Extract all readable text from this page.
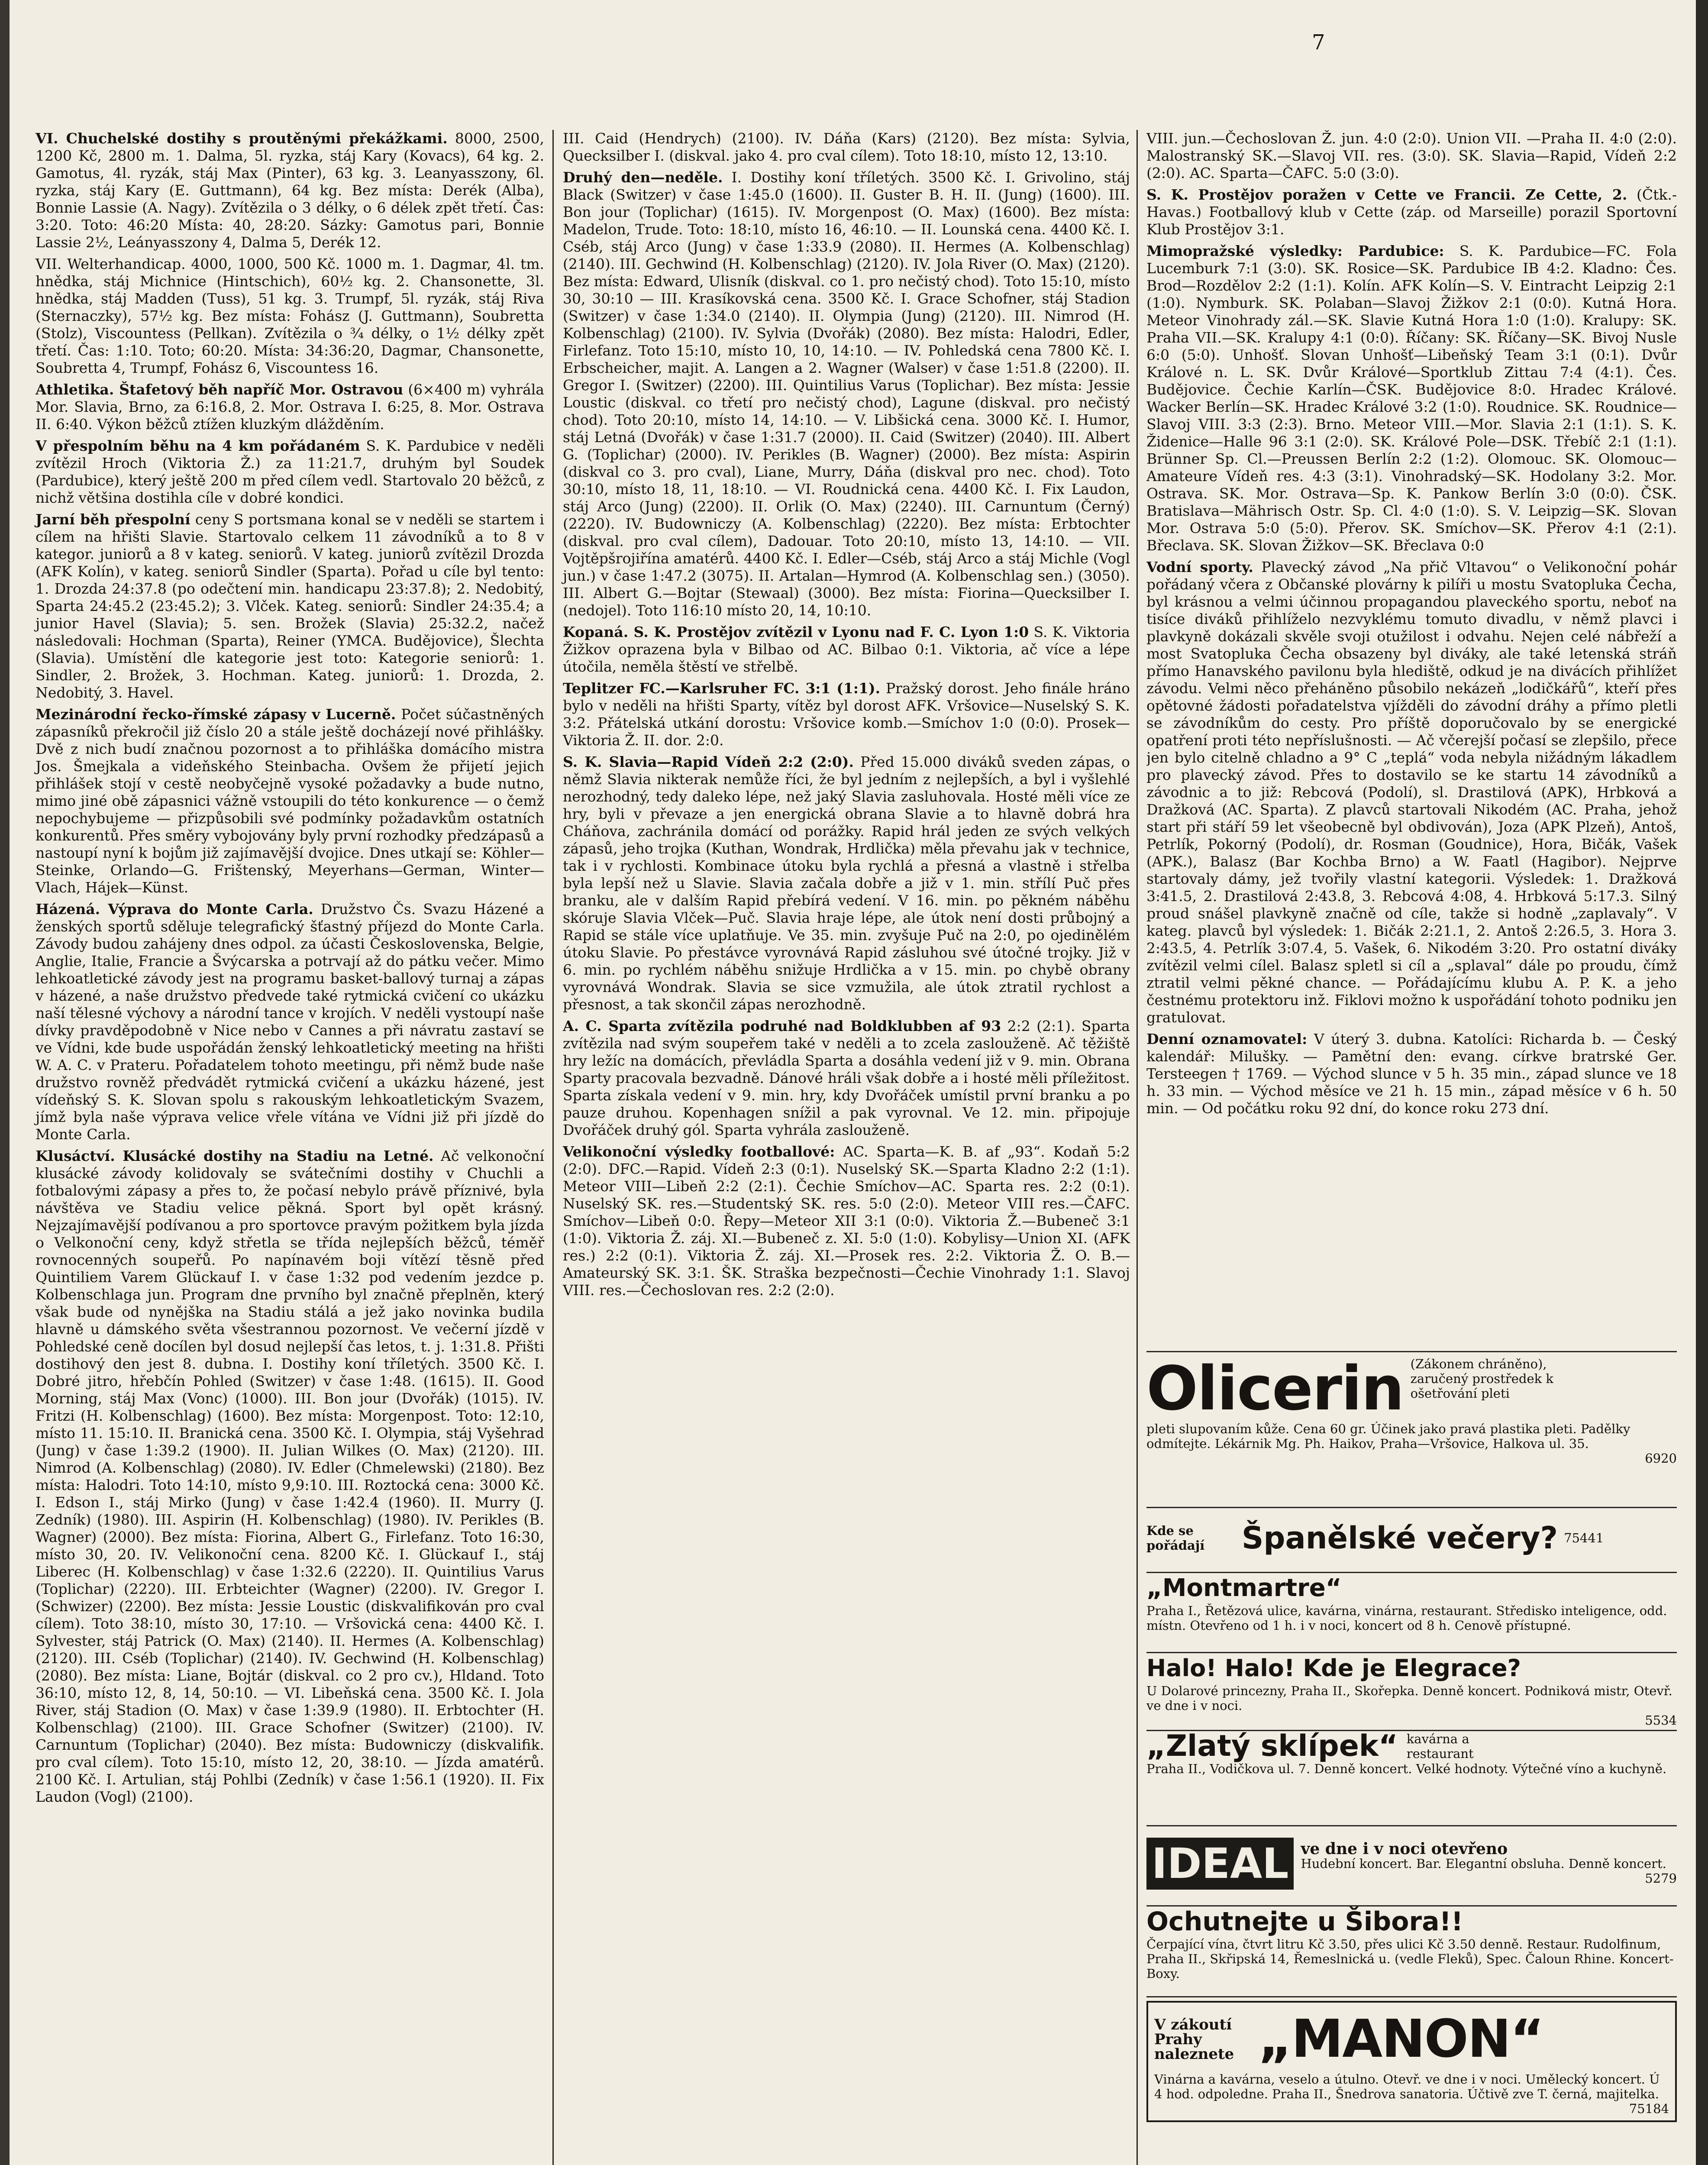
7

VI. Chuchelské dostihy s proutěnými překážkami. 8000, 2500, 1200 Kč, 2800 m. 1. Dalma, 5l. ryzka, stáj Kary (Kovacs), 64 kg. 2. Gamotus, 4l. ryzák, stáj Max (Pinter), 63 kg. 3. Leanyasszony, 6l. ryzka, stáj Kary (E. Guttmann), 64 kg. Bez místa: Derék (Alba), Bonnie Lassie (A. Nagy). Zvítězila o 3 délky, o 6 délek zpět třetí. Čas: 3:20. Toto: 46:20 Místa: 40, 28:20. Sázky: Gamotus pari, Bonnie Lassie 2½, Leányasszony 4, Dalma 5, Derék 12.

VII. Welterhandicap. 4000, 1000, 500 Kč. 1000 m. 1. Dagmar, 4l. tm. hnědka, stáj Michnice (Hintschich), 60½ kg. 2. Chansonette, 3l. hnědka, stáj Madden (Tuss), 51 kg. 3. Trumpf, 5l. ryzák, stáj Riva (Sternaczky), 57½ kg. Bez místa: Fohász (J. Guttmann), Soubretta (Stolz), Viscountess (Pellkan). Zvítězila o ¾ délky, o 1½ délky zpět třetí. Čas: 1:10. Toto; 60:20. Místa: 34:36:20, Dagmar, Chansonette, Soubretta 4, Trumpf, Fohász 6, Viscountess 16.

Athletika. Štafetový běh napříč Mor. Ostravou (6×400 m) vyhrála Mor. Slavia, Brno, za 6:16.8, 2. Mor. Ostrava I. 6:25, 8. Mor. Ostrava II. 6:40. Výkon běžců ztížen kluzkým dlážděním.

V přespolním běhu na 4 km pořádaném S. K. Pardubice v neděli zvítězil Hroch (Viktoria Ž.) za 11:21.7, druhým byl Soudek (Pardubice), který ještě 200 m před cílem vedl. Startovalo 20 běžců, z nichž většina dostihla cíle v dobré kondici.

Jarní běh přespolní ceny S portsmana konal se v neděli se startem i cílem na hřišti Slavie. Startovalo celkem 11 závodníků a to 8 v kategor. juniorů a 8 v kateg. seniorů. V kateg. juniorů zvítězil Drozda (AFK Kolín), v kateg. seniorů Sindler (Sparta). Pořad u cíle byl tento: 1. Drozda 24:37.8 (po odečtení min. handicapu 23:37.8); 2. Nedobitý, Sparta 24:45.2 (23:45.2); 3. Vlček. Kateg. seniorů: Sindler 24:35.4; a junior Havel (Slavia); 5. sen. Brožek (Slavia) 25:32.2, načež následovali: Hochman (Sparta), Reiner (YMCA. Budějovice), Šlechta (Slavia). Umístění dle kategorie jest toto: Kategorie seniorů: 1. Sindler, 2. Brožek, 3. Hochman. Kateg. juniorů: 1. Drozda, 2. Nedobitý, 3. Havel.

Mezinárodní řecko-římské zápasy v Lucerně. Počet súčastněných zápasníků překročil již číslo 20 a stále ještě docházejí nové přihlášky. Dvě z nich budí značnou pozornost a to přihláška domácího mistra Jos. Šmejkala a videňského Steinbacha. Ovšem že přijetí jejich přihlášek stojí v cestě neobyčejně vysoké požadavky a bude nutno, mimo jiné obě zápasnici vážně vstoupili do této konkurence — o čemž nepochybujeme — přizpůsobili své podmínky požadavkům ostatních konkurentů. Přes směry vybojovány byly první rozhodky předzápasů a nastoupí nyní k bojům již zajímavější dvojice. Dnes utkají se: Köhler—Steinke, Orlando—G. Frištenský, Meyerhans—German, Winter—Vlach, Hájek—Künst.

Házená. Výprava do Monte Carla. Družstvo Čs. Svazu Házené a ženských sportů sděluje telegrafický šťastný příjezd do Monte Carla. Závody budou zahájeny dnes odpol. za účasti Československa, Belgie, Anglie, Italie, Francie a Švýcarska a potrvají až do pátku večer. Mimo lehkoatletické závody jest na programu basket-ballový turnaj a zápas v házené, a naše družstvo předvede také rytmická cvičení co ukázku naší tělesné výchovy a národní tance v krojích. V neděli vystoupí naše dívky pravděpodobně v Nice nebo v Cannes a při návratu zastaví se ve Vídni, kde bude uspořádán ženský lehkoatletický meeting na hřišti W. A. C. v Prateru. Pořadatelem tohoto meetingu, při němž bude naše družstvo rovněž předvádět rytmická cvičení a ukázku házené, jest vídeňský S. K. Slovan spolu s rakouským lehkoatletickým Svazem, jímž byla naše výprava velice vřele vítána ve Vídni již při jízdě do Monte Carla.

Klusáctví. Klusácké dostihy na Stadiu na Letné. Ač velkonoční klusácké závody kolidovaly se svátečními dostihy v Chuchli a fotbalovými zápasy a přes to, že počasí nebylo právě příznivé, byla návštěva ve Stadiu velice pěkná. Sport byl opět krásný. Nejzajímavější podívanou a pro sportovce pravým požitkem byla jízda o Velkonoční ceny, když střetla se třída nejlepších běžců, téměř rovnocenných soupeřů. Po napínavém boji vítězí těsně před Quintiliem Varem Glückauf I. v čase 1:32 pod vedením jezdce p. Kolbenschlaga jun. Program dne prvního byl značně přeplněn, který však bude od nynějška na Stadiu stálá a jež jako novinka budila hlavně u dámského světa všestrannou pozornost. Ve večerní jízdě v Pohledské ceně docílen byl dosud nejlepší čas letos, t. j. 1:31.8. Přišti dostihový den jest 8. dubna. I. Dostihy koní tříletých. 3500 Kč. I. Dobré jitro, hřebčín Pohled (Switzer) v čase 1:48. (1615). II. Good Morning, stáj Max (Vonc) (1000). III. Bon jour (Dvořák) (1015). IV. Fritzi (H. Kolbenschlag) (1600). Bez místa: Morgenpost. Toto: 12:10, místo 11. 15:10. II. Branická cena. 3500 Kč. I. Olympia, stáj Vyšehrad (Jung) v čase 1:39.2 (1900). II. Julian Wilkes (O. Max) (2120). III. Nimrod (A. Kolbenschlag) (2080). IV. Edler (Chmelewski) (2180). Bez místa: Halodri. Toto 14:10, místo 9,9:10. III. Roztocká cena: 3000 Kč. I. Edson I., stáj Mirko (Jung) v čase 1:42.4 (1960). II. Murry (J. Zedník) (1980). III. Aspirin (H. Kolbenschlag) (1980). IV. Perikles (B. Wagner) (2000). Bez místa: Fiorina, Albert G., Firlefanz. Toto 16:30, místo 30, 20. IV. Velikonoční cena. 8200 Kč. I. Glückauf I., stáj Liberec (H. Kolbenschlag) v čase 1:32.6 (2220). II. Quintilius Varus (Toplichar) (2220). III. Erbteichter (Wagner) (2200). IV. Gregor I. (Schwizer) (2200). Bez místa: Jessie Loustic (diskvalifikován pro cval cílem). Toto 38:10, místo 30, 17:10. — Vršovická cena: 4400 Kč. I. Sylvester, stáj Patrick (O. Max) (2140). II. Hermes (A. Kolbenschlag) (2120). III. Cséb (Toplichar) (2140). IV. Gechwind (H. Kolbenschlag) (2080). Bez místa: Liane, Bojtár (diskval. co 2 pro cv.), Hldand. Toto 36:10, místo 12, 8, 14, 50:10. — VI. Libeňská cena. 3500 Kč. I. Jola River, stáj Stadion (O. Max) v čase 1:39.9 (1980). II. Erbtochter (H. Kolbenschlag) (2100). III. Grace Schofner (Switzer) (2100). IV. Carnuntum (Toplichar) (2040). Bez místa: Budowniczy (diskvalifik. pro cval cílem). Toto 15:10, místo 12, 20, 38:10. — Jízda amatérů. 2100 Kč. I. Artulian, stáj Pohlbi (Zedník) v čase 1:56.1 (1920). II. Fix Laudon (Vogl) (2100).

III. Caid (Hendrych) (2100). IV. Dáňa (Kars) (2120). Bez místa: Sylvia, Quecksilber I. (diskval. jako 4. pro cval cílem). Toto 18:10, místo 12, 13:10.

Druhý den—neděle. I. Dostihy koní tříletých. 3500 Kč. I. Grivolino, stáj Black (Switzer) v čase 1:45.0 (1600). II. Guster B. H. II. (Jung) (1600). III. Bon jour (Toplichar) (1615). IV. Morgenpost (O. Max) (1600). Bez místa: Madelon, Trude. Toto: 18:10, místo 16, 46:10. — II. Lounská cena. 4400 Kč. I. Cséb, stáj Arco (Jung) v čase 1:33.9 (2080). II. Hermes (A. Kolbenschlag) (2140). III. Gechwind (H. Kolbenschlag) (2120). IV. Jola River (O. Max) (2120). Bez místa: Edward, Ulisník (diskval. co 1. pro nečistý chod). Toto 15:10, místo 30, 30:10 — III. Krasíkovská cena. 3500 Kč. I. Grace Schofner, stáj Stadion (Switzer) v čase 1:34.0 (2140). II. Olympia (Jung) (2120). III. Nimrod (H. Kolbenschlag) (2100). IV. Sylvia (Dvořák) (2080). Bez místa: Halodri, Edler, Firlefanz. Toto 15:10, místo 10, 10, 14:10. — IV. Pohledská cena 7800 Kč. I. Erbscheicher, majit. A. Langen a 2. Wagner (Walser) v čase 1:51.8 (2200). II. Gregor I. (Switzer) (2200). III. Quintilius Varus (Toplichar). Bez místa: Jessie Loustic (diskval. co třetí pro nečistý chod), Lagune (diskval. pro nečistý chod). Toto 20:10, místo 14, 14:10. — V. Libšická cena. 3000 Kč. I. Humor, stáj Letná (Dvořák) v čase 1:31.7 (2000). II. Caid (Switzer) (2040). III. Albert G. (Toplichar) (2000). IV. Perikles (B. Wagner) (2000). Bez místa: Aspirin (diskval co 3. pro cval), Liane, Murry, Dáňa (diskval pro nec. chod). Toto 30:10, místo 18, 11, 18:10. — VI. Roudnická cena. 4400 Kč. I. Fix Laudon, stáj Arco (Jung) (2200). II. Orlik (O. Max) (2240). III. Carnuntum (Černý) (2220). IV. Budowniczy (A. Kolbenschlag) (2220). Bez místa: Erbtochter (diskval. pro cval cílem), Dadouar. Toto 20:10, místo 13, 14:10. — VII. Vojtěpšrojiřína amatérů. 4400 Kč. I. Edler—Cséb, stáj Arco a stáj Michle (Vogl jun.) v čase 1:47.2 (3075). II. Artalan—Hymrod (A. Kolbenschlag sen.) (3050). III. Albert G.—Bojtar (Stewaal) (3000). Bez místa: Fiorina—Quecksilber I. (nedojel). Toto 116:10 místo 20, 14, 10:10.

Kopaná. S. K. Prostějov zvítězil v Lyonu nad F. C. Lyon 1:0 S. K. Viktoria Žižkov oprazena byla v Bilbao od AC. Bilbao 0:1. Viktoria, ač více a lépe útočila, neměla štěstí ve střelbě.

Teplitzer FC.—Karlsruher FC. 3:1 (1:1). Pražský dorost. Jeho finále hráno bylo v neděli na hřišti Sparty, vítěz byl dorost AFK. Vršovice—Nuselský S. K. 3:2. Přátelská utkání dorostu: Vršovice komb.—Smíchov 1:0 (0:0). Prosek—Viktoria Ž. II. dor. 2:0.

S. K. Slavia—Rapid Vídeň 2:2 (2:0). Před 15.000 diváků sveden zápas, o němž Slavia nikterak nemůže říci, že byl jedním z nejlepších, a byl i vyšlehlé nerozhodný, tedy daleko lépe, než jaký Slavia zasluhovala. Hosté měli více ze hry, byli v převaze a jen energická obrana Slavie a to hlavně dobrá hra Cháňova, zachránila domácí od porážky. Rapid hrál jeden ze svých velkých zápasů, jeho trojka (Kuthan, Wondrak, Hrdlička) měla převahu jak v technice, tak i v rychlosti. Kombinace útoku byla rychlá a přesná a vlastně i střelba byla lepší než u Slavie. Slavia začala dobře a již v 1. min. střílí Puč přes branku, ale v dalším Rapid přebírá vedení. V 16. min. po pěkném náběhu skóruje Slavia Vlček—Puč. Slavia hraje lépe, ale útok není dosti průbojný a Rapid se stále více uplatňuje. Ve 35. min. zvyšuje Puč na 2:0, po ojedinělém útoku Slavie. Po přestávce vyrovnává Rapid zásluhou své útočné trojky. Již v 6. min. po rychlém náběhu snižuje Hrdlička a v 15. min. po chybě obrany vyrovnává Wondrak. Slavia se sice vzmužila, ale útok ztratil rychlost a přesnost, a tak skončil zápas nerozhodně.

A. C. Sparta zvítězila podruhé nad Boldklubben af 93 2:2 (2:1). Sparta zvítězila nad svým soupeřem také v neděli a to zcela zaslouženě. Ač těžiště hry ležíc na domácích, převládla Sparta a dosáhla vedení již v 9. min. Obrana Sparty pracovala bezvadně. Dánové hráli však dobře a i hosté měli příležitost. Sparta získala vedení v 9. min. hry, kdy Dvořáček umístil první branku a po pauze druhou. Kopenhagen snížil a pak vyrovnal. Ve 12. min. připojuje Dvořáček druhý gól. Sparta vyhrála zaslouženě.

Velikonoční výsledky footballové: AC. Sparta—K. B. af „93“. Kodaň 5:2 (2:0). DFC.—Rapid. Vídeň 2:3 (0:1). Nuselský SK.—Sparta Kladno 2:2 (1:1). Meteor VIII—Libeň 2:2 (2:1). Čechie Smíchov—AC. Sparta res. 2:2 (0:1). Nuselský SK. res.—Studentský SK. res. 5:0 (2:0). Meteor VIII res.—ČAFC. Smíchov—Libeň 0:0. Řepy—Meteor XII 3:1 (0:0). Viktoria Ž.—Bubeneč 3:1 (1:0). Viktoria Ž. záj. XI.—Bubeneč z. XI. 5:0 (1:0). Kobylisy—Union XI. (AFK res.) 2:2 (0:1). Viktoria Ž. záj. XI.—Prosek res. 2:2. Viktoria Ž. O. B.—Amateurský SK. 3:1. ŠK. Straška bezpečnosti—Čechie Vinohrady 1:1. Slavoj VIII. res.—Čechoslovan res. 2:2 (2:0).

VIII. jun.—Čechoslovan Ž. jun. 4:0 (2:0). Union VII. —Praha II. 4:0 (2:0). Malostranský SK.—Slavoj VII. res. (3:0). SK. Slavia—Rapid, Vídeň 2:2 (2:0). AC. Sparta—ČAFC. 5:0 (3:0).

S. K. Prostějov poražen v Cette ve Francii. Ze Cette, 2. (Čtk.-Havas.) Footballový klub v Cette (záp. od Marseille) porazil Sportovní Klub Prostějov 3:1.

Mimopražské výsledky: Pardubice: S. K. Pardubice—FC. Fola Lucemburk 7:1 (3:0). SK. Rosice—SK. Pardubice IB 4:2. Kladno: Čes. Brod—Rozdělov 2:2 (1:1). Kolín. AFK Kolín—S. V. Eintracht Leipzig 2:1 (1:0). Nymburk. SK. Polaban—Slavoj Žižkov 2:1 (0:0). Kutná Hora. Meteor Vinohrady zál.—SK. Slavie Kutná Hora 1:0 (1:0). Kralupy: SK. Praha VII.—SK. Kralupy 4:1 (0:0). Říčany: SK. Říčany—SK. Bivoj Nusle 6:0 (5:0). Unhošť. Slovan Unhošť—Libeňský Team 3:1 (0:1). Dvůr Králové n. L. SK. Dvůr Králové—Sportklub Zittau 7:4 (4:1). Čes. Budějovice. Čechie Karlín—ČSK. Budějovice 8:0. Hradec Králové. Wacker Berlín—SK. Hradec Králové 3:2 (1:0). Roudnice. SK. Roudnice—Slavoj VIII. 3:3 (2:3). Brno. Meteor VIII.—Mor. Slavia 2:1 (1:1). S. K. Židenice—Halle 96 3:1 (2:0). SK. Králové Pole—DSK. Třebíč 2:1 (1:1). Brünner Sp. Cl.—Preussen Berlín 2:2 (1:2). Olomouc. SK. Olomouc—Amateure Vídeň res. 4:3 (3:1). Vinohradský—SK. Hodolany 3:2. Mor. Ostrava. SK. Mor. Ostrava—Sp. K. Pankow Berlín 3:0 (0:0). ČSK. Bratislava—Mährisch Ostr. Sp. Cl. 4:0 (1:0). S. V. Leipzig—SK. Slovan Mor. Ostrava 5:0 (5:0). Přerov. SK. Smíchov—SK. Přerov 4:1 (2:1). Břeclava. SK. Slovan Žižkov—SK. Břeclava 0:0

Vodní sporty. Plavecký závod „Na přič Vltavou“ o Velikonoční pohár pořádaný včera z Občanské plovárny k pilíři u mostu Svatopluka Čecha, byl krásnou a velmi účinnou propagandou plaveckého sportu, neboť na tisíce diváků přihlíželo nezvyklému tomuto divadlu, v němž plavci i plavkyně dokázali skvěle svoji otužilost i odvahu. Nejen celé nábřeží a most Svatopluka Čecha obsazeny byl diváky, ale také letenská stráň přímo Hanavského pavilonu byla hlediště, odkud je na divácích přihlížet závodu. Velmi něco přeháněno působilo nekázeň „lodičkářů“, kteří přes opětovné žádosti pořadatelstva vjížděli do závodní dráhy a přímo pletli se závodníkům do cesty. Pro příště doporučovalo by se energické opatření proti této nepříslušnosti. — Ač včerejší počasí se zlepšilo, přece jen bylo citelně chladno a 9° C „teplá“ voda nebyla nižádným lákadlem pro plavecký závod. Přes to dostavilo se ke startu 14 závodníků a závodnic a to již: Rebcová (Podolí), sl. Drastilová (APK), Hrbková a Dražková (AC. Sparta). Z plavců startovali Nikodém (AC. Praha, jehož start při stáří 59 let všeobecně byl obdivován), Joza (APK Plzeň), Antoš, Petrlík, Pokorný (Podolí), dr. Rosman (Goudnice), Hora, Bičák, Vašek (APK.), Balasz (Bar Kochba Brno) a W. Faatl (Hagibor). Nejprve startovaly dámy, jež tvořily vlastní kategorii. Výsledek: 1. Dražková 3:41.5, 2. Drastilová 2:43.8, 3. Rebcová 4:08, 4. Hrbková 5:17.3. Silný proud snášel plavkyně značně od cíle, takže si hodně „zaplavaly“. V kateg. plavců byl výsledek: 1. Bičák 2:21.1, 2. Antoš 2:26.5, 3. Hora 3. 2:43.5, 4. Petrlík 3:07.4, 5. Vašek, 6. Nikodém 3:20. Pro ostatní diváky zvítězil velmi cílel. Balasz spletl si cíl a „splaval“ dále po proudu, čímž ztratil velmi pěkné chance. — Pořádajícímu klubu A. P. K. a jeho čestnému protektoru inž. Fiklovi možno k uspořádání tohoto podniku jen gratulovat.

Denní oznamovatel: V úterý 3. dubna. Katolíci: Richarda b. — Český kalendář: Milušky. — Pamětní den: evang. církve bratrské Ger. Tersteegen † 1769. — Východ slunce v 5 h. 35 min., západ slunce ve 18 h. 33 min. — Východ měsíce ve 21 h. 15 min., západ měsíce v 6 h. 50 min. — Od počátku roku 92 dní, do konce roku 273 dní.

Olicerin (Zákonem chráněno), zaručený prostředek k ošetřování pleti
pleti slupovaním kůže. Cena 60 gr. Účinek jako pravá plastika pleti. Padělky odmítejte. Lékárnik Mg. Ph. Haikov, Praha—Vršovice, Halkova ul. 35.
6920
Kde se pořádají	Španělské večery? 75441
„Montmartre“
Praha I., Řetězová ulice, kavárna, vinárna, restaurant. Středisko inteligence, odd. místn. Otevřeno od 1 h. i v noci, koncert od 8 h. Cenově přístupné.
Halo! Halo! Kde je Elegrace?
U Dolarové princezny, Praha II., Skořepka. Denně koncert. Podniková mistr, Otevř. ve dne i v noci.
5534
„Zlatý sklípek“ kavárna a restaurant
Praha II., Vodičkova ul. 7. Denně koncert. Velké hodnoty. Výtečné víno a kuchyně.
IDEAL ve dne i v noci otevřeno
Hudební koncert. Bar. Elegantní obsluha. Denně koncert.
5279
Ochutnejte u Šibora!!
Čerpající vína, čtvrt litru Kč 3.50, přes ulici Kč 3.50 denně. Restaur. Rudolfinum, Praha II., Skřipská 14, Řemeslnická u. (vedle Fleků), Spec. Čaloun Rhine. Koncert-Boxy.
V zákoutí Prahy naleznete „MANON“
Vinárna a kavárna, veselo a útulno. Otevř. ve dne i v noci. Umělecký koncert. Ú 4 hod. odpoledne. Praha II., Šnedrova sanatoria. Účtivě zve T. černá, majitelka.
75184
